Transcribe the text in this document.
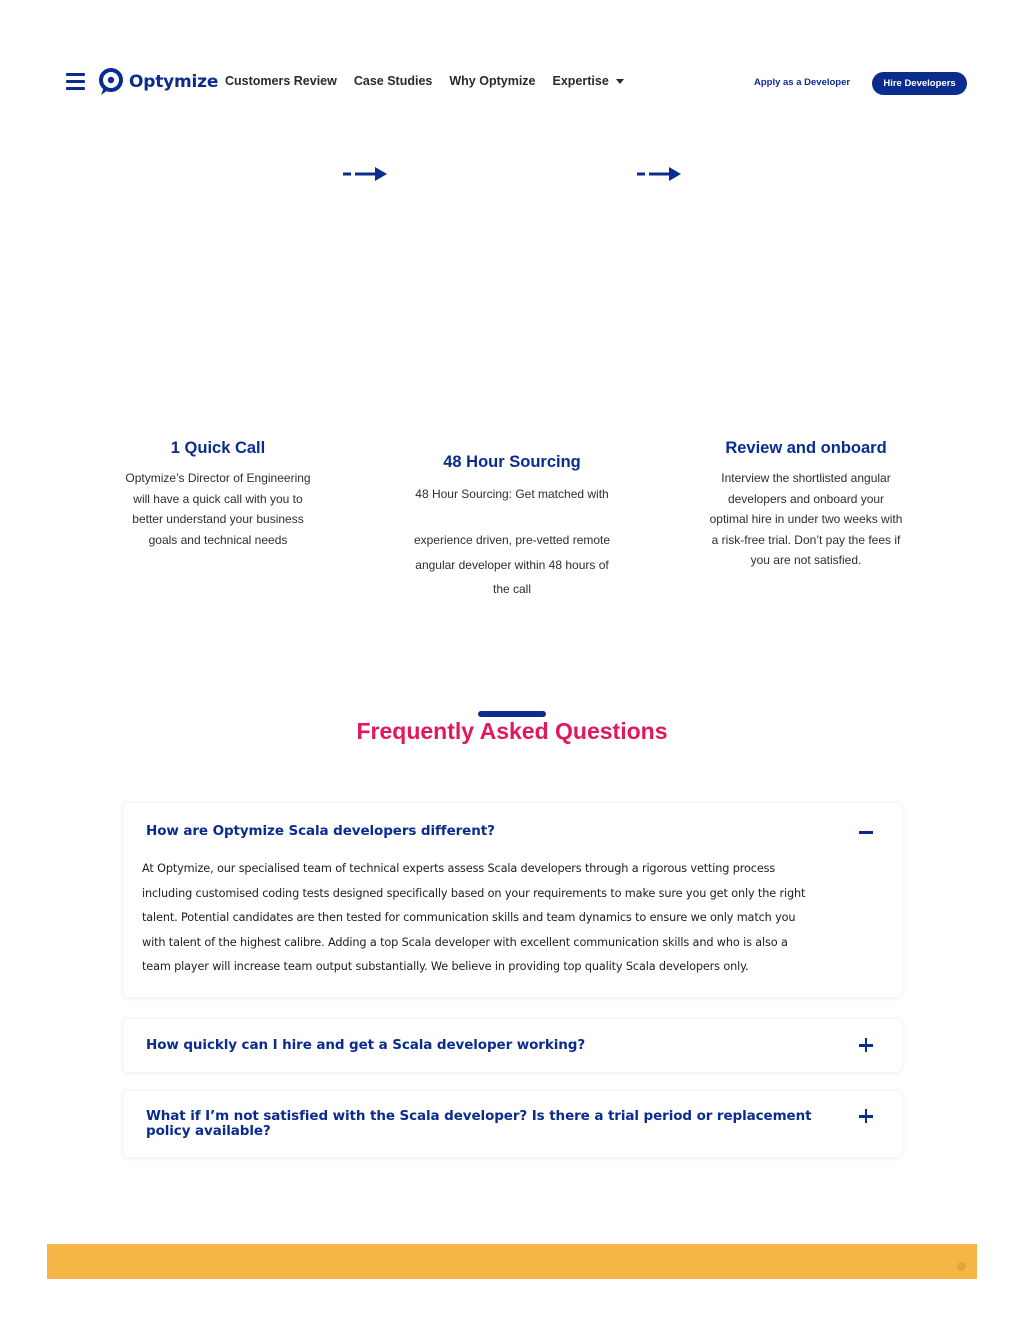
Optymize Customers Review Case Studies Why Optymize Expertise	Apply as a Developer	Hire Developers
1 Quick Call
Optymize’s Director of Engineering
will have a quick call with you to
better understand your business
goals and technical needs
48 Hour Sourcing
48 Hour Sourcing: Get matched with
experience driven, pre-vetted remote
angular developer within 48 hours of
the call
Review and onboard
Interview the shortlisted angular
developers and onboard your
optimal hire in under two weeks with
a risk-free trial. Don’t pay the fees if
you are not satisfied.
Frequently Asked Questions
How are Optymize Scala developers different?
At Optymize, our specialised team of technical experts assess Scala developers through a rigorous vetting process
including customised coding tests designed specifically based on your requirements to make sure you get only the right
talent. Potential candidates are then tested for communication skills and team dynamics to ensure we only match you
with talent of the highest calibre. Adding a top Scala developer with excellent communication skills and who is also a
team player will increase team output substantially. We believe in providing top quality Scala developers only.
How quickly can I hire and get a Scala developer working?
What if I’m not satisfied with the Scala developer? Is there a trial period or replacement policy available?
